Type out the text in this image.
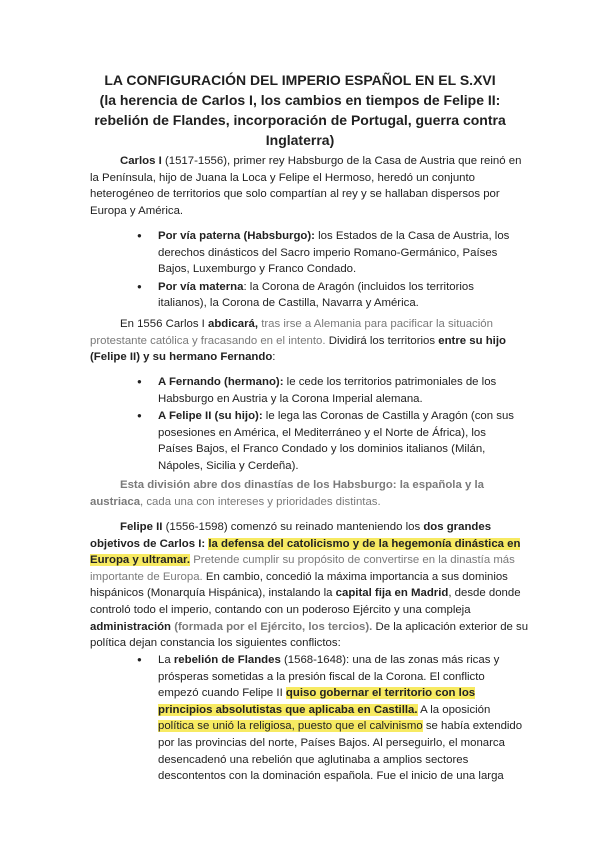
LA CONFIGURACIÓN DEL IMPERIO ESPAÑOL EN EL S.XVI
(la herencia de Carlos I, los cambios en tiempos de Felipe II:
rebelión de Flandes, incorporación de Portugal, guerra contra
Inglaterra)
Carlos I (1517-1556), primer rey Habsburgo de la Casa de Austria que reinó en
la Península, hijo de Juana la Loca y Felipe el Hermoso, heredó un conjunto
heterogéneo de territorios que solo compartían al rey y se hallaban dispersos por
Europa y América.
● Por vía paterna (Habsburgo): los Estados de la Casa de Austria, los
derechos dinásticos del Sacro imperio Romano-Germánico, Países
Bajos, Luxemburgo y Franco Condado.
● Por vía materna: la Corona de Aragón (incluidos los territorios
italianos), la Corona de Castilla, Navarra y América.
En 1556 Carlos I abdicará, tras irse a Alemania para pacificar la situación
protestante católica y fracasando en el intento. Dividirá los territorios entre su hijo
(Felipe II) y su hermano Fernando:
● A Fernando (hermano): le cede los territorios patrimoniales de los
Habsburgo en Austria y la Corona Imperial alemana.
● A Felipe II (su hijo): le lega las Coronas de Castilla y Aragón (con sus
posesiones en América, el Mediterráneo y el Norte de África), los
Países Bajos, el Franco Condado y los dominios italianos (Milán,
Nápoles, Sicilia y Cerdeña).
Esta división abre dos dinastías de los Habsburgo: la española y la
austriaca, cada una con intereses y prioridades distintas.
Felipe II (1556-1598) comenzó su reinado manteniendo los dos grandes
objetivos de Carlos I: la defensa del catolicismo y de la hegemonía dinástica en
Europa y ultramar. Pretende cumplir su propósito de convertirse en la dinastía más
importante de Europa. En cambio, concedió la máxima importancia a sus dominios
hispánicos (Monarquía Hispánica), instalando la capital fija en Madrid, desde donde
controló todo el imperio, contando con un poderoso Ejército y una compleja
administración (formada por el Ejército, los tercios). De la aplicación exterior de su
política dejan constancia los siguientes conflictos:
● La rebelión de Flandes (1568-1648): una de las zonas más ricas y
prósperas sometidas a la presión fiscal de la Corona. El conflicto
empezó cuando Felipe II quiso gobernar el territorio con los
principios absolutistas que aplicaba en Castilla. A la oposición
política se unió la religiosa, puesto que el calvinismo se había extendido
por las provincias del norte, Países Bajos. Al perseguirlo, el monarca
desencadenó una rebelión que aglutinaba a amplios sectores
descontentos con la dominación española. Fue el inicio de una larga
